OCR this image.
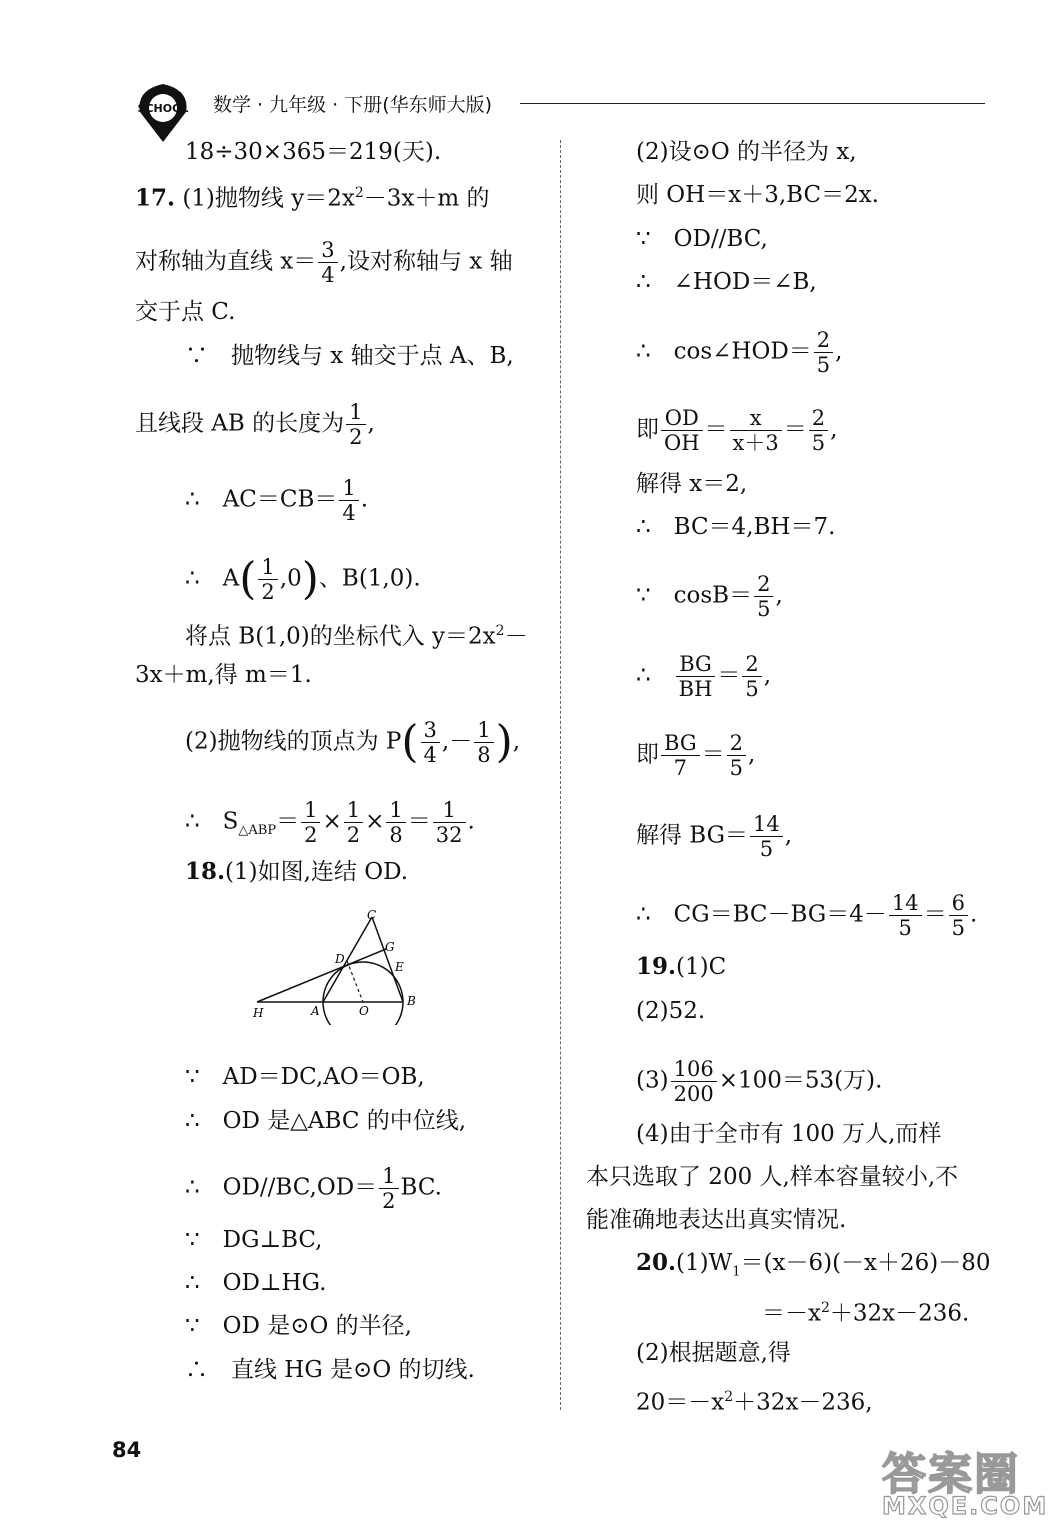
SCHOOL 数学 · 九年级 · 下册(华东师大版)
18÷30×365＝219(天).
17. (1)抛物线 $y=2x^2-3x+m$ 的
对称轴为直线 $x= \frac{3}{4}$ ,设对称轴与 x 轴
交于点 C.
∵　抛物线与 x 轴交于点 A、B,
且线段 AB 的长度为 $\frac{1}{2}$ ,
∴　$AC=CB= \frac{1}{4}$ .
∴　$A( \frac{1}{2} ,0)$、B(1,0).
将点 B(1,0)的坐标代入 $y=2x^2-$
3x＋m,得 m＝1.
(2)抛物线的顶点为 $P( \frac{3}{4}$ ,－ $\frac{1}{8}$ ),
∴　$S_{\triangle ABP}= \frac{1}{2} \times \frac{1}{2} \times \frac{1}{8} = \frac{1}{32}$ .
18.(1)如图,连结 OD.
C
G
D
E
H	A	O
B
∵　AD＝DC,AO＝OB,
∴　OD 是△ABC 的中位线,
∴　$OD//BC,OD= \frac{1}{2}$ BC.
∵　DG⊥BC,
∴　OD⊥HG.
∵　OD 是⊙O 的半径,
∴　直线 HG 是⊙O 的切线.
(2)设⊙O 的半径为 x,
则 OH＝x＋3,BC＝2x.
∵　OD//BC,
∴　∠HOD＝∠B,
∴　cos∠HOD＝ $\frac{2}{5}$ ,
即 $\frac{OD}{OH} = \frac{x}{x+3} = \frac{2}{5}$ ,
解得 x＝2,
∴　BC＝4,BH＝7.
∵　$\cos B= \frac{2}{5}$ ,
∴　 $\frac{BG}{BH} = \frac{2}{5}$ ,
即 $\frac{BG}{7} = \frac{2}{5}$ ,
解得 $BG= \frac{14}{5}$ ,
∴　$CG=BC-BG=4- \frac{14}{5} = \frac{6}{5}$ .
19.(1)C
(2)52.
$(3) \frac{106}{200} \times 100=53$(万).
(4)由于全市有 100 万人,而样
本只选取了 200 人,样本容量较小,不
能准确地表达出真实情况.
$20.(1)W_1=(x-6)(-x+26)-80$
$=-x^2+32x-236$.
(2)根据题意,得
$20=-x^2+32x-236$,
84	答案圈
MXQE.COM
